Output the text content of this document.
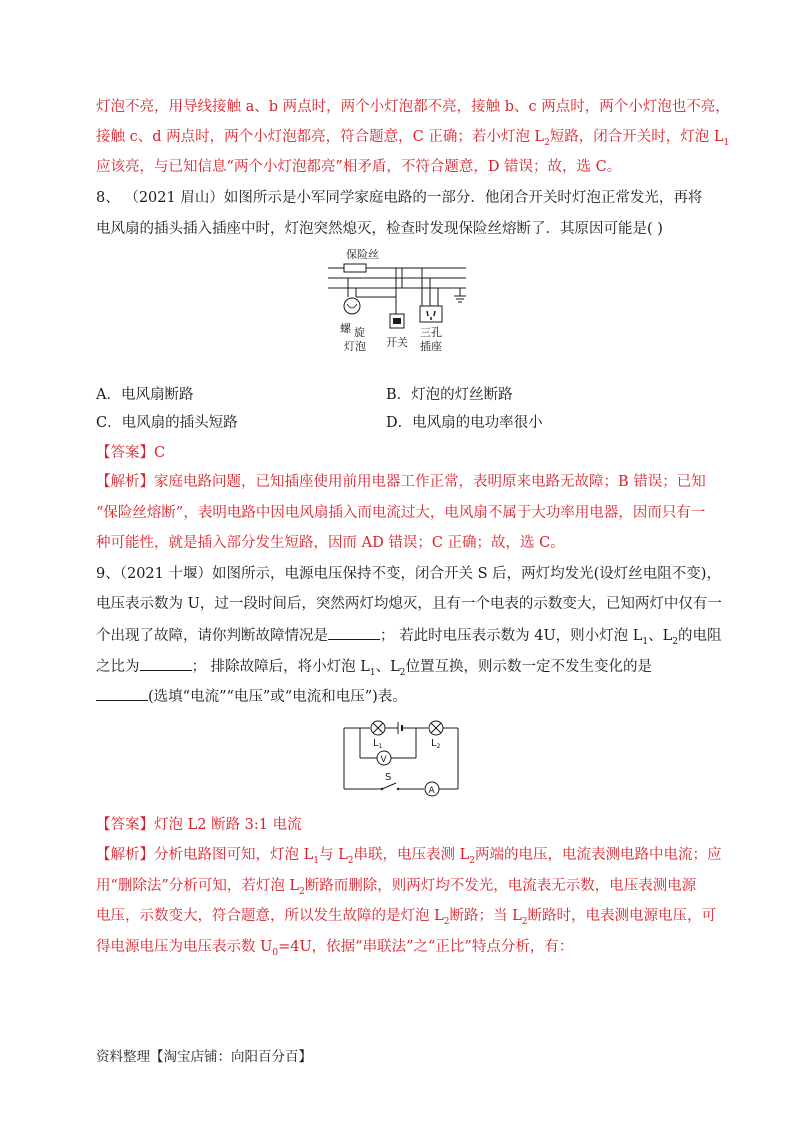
灯泡不亮，用导线接触 a、b 两点时，两个小灯泡都不亮，接触 b、c 两点时，两个小灯泡也不亮，
接触 c、d 两点时，两个小灯泡都亮，符合题意，C 正确；若小灯泡 $L_2$短路，闭合开关时，灯泡 $L_1$
应该亮，与已知信息“两个小灯泡都亮”相矛盾，不符合题意，D 错误；故，选 C。
8、 （2021 眉山）如图所示是小军同学家庭电路的一部分．他闭合开关时灯泡正常发光，再将
电风扇的插头插入插座中时，灯泡突然熄灭，检查时发现保险丝熔断了．其原因可能是( )
保险丝
螺 旋
灯泡 开关
三孔
插座
A．电风扇断路	B．灯泡的灯丝断路
C．电风扇的插头短路	D．电风扇的电功率很小
【答案】C
【解析】家庭电路问题，已知插座使用前用电器工作正常，表明原来电路无故障；B 错误；已知
“保险丝熔断”，表明电路中因电风扇插入而电流过大，电风扇不属于大功率用电器，因而只有一
种可能性，就是插入部分发生短路，因而 AD 错误；C 正确；故，选 C。
9、（2021 十堰）如图所示，电源电压保持不变，闭合开关 S 后，两灯均发光(设灯丝电阻不变)，
电压表示数为 U，过一段时间后，突然两灯均熄灭，且有一个电表的示数变大，已知两灯中仅有一
个出现了故障，请你判断故障情况是	； 若此时电压表示数为 4U，则小灯泡 $L_1$、$L_2$的电阻
之比为	； 排除故障后，将小灯泡 $L_1$、$L_2$位置互换，则示数一定不发生变化的是
(选填“电流”“电压”或“电流和电压”)表。
V
A
$L_1$	$L_2$
S
【答案】灯泡 L2 断路 3:1 电流
【解析】分析电路图可知，灯泡 $L_1$与 $L_2$串联，电压表测 $L_2$两端的电压，电流表测电路中电流；应
用“删除法”分析可知，若灯泡 $L_2$断路而删除，则两灯均不发光，电流表无示数，电压表测电源
电压，示数变大，符合题意，所以发生故障的是灯泡 $L_2$断路；当 $L_2$断路时，电表测电源电压，可
得电源电压为电压表示数 $U_0=4U$，依据“串联法”之“正比”特点分析，有：
资料整理【淘宝店铺：向阳百分百】
